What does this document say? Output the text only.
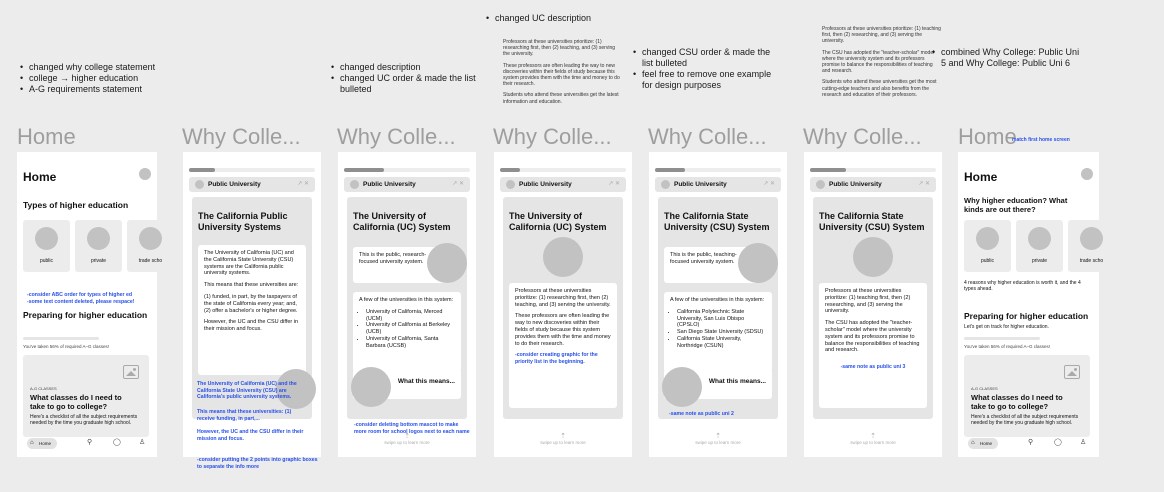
• changed why college statement
• college → higher education
• A-G requirements statement
• changed description
• changed UC order & made the list bulleted
• changed UC description

Professors at these universities prioritize: (1) researching first, then (2) teaching, and (3) serving the university.

These professors are often leading the way to new discoveries within their fields of study because this system provides them with the time and money to do their research.

Students who attend these universities get the latest information and education.

• changed CSU order & made the list bulleted
• feel free to remove one example for design purposes

Professors at these universities prioritize: (1) teaching first, then (2) researching, and (3) serving the university.

The CSU has adopted the "teacher-scholar" model where the university system and its professors promise to balance the responsibilities of teaching and research.

Students who attend these universities get the most cutting-edge teachers and also benefits from the research and education of their professors.

• combined Why College: Public Uni 5 and Why College: Public Uni 6
Home	Why Colle... Why Colle... Why Colle... Why Colle... Why Colle... Home
match first home screen
Home
Types of higher education
public	private	trade scho
-consider ABC order for types of higher ed
-some text content deleted, please respace!
Preparing for higher education
You've taken 56% of required A–G classes!
A-G CLASSES
What classes do I need to take to go to college?
Here's a checklist of all the subject requirements needed by the time you graduate high school.
⌂ Home	⚲	◯	♙
Public University	↗ ✕
The California Public University Systems

The University of California (UC) and the California State University (CSU) systems are the California public university systems.

This means that these universities are:

(1) funded, in part, by the taxpayers of the state of California every year; and, (2) offer a bachelor's or higher degree.

However, the UC and the CSU differ in their mission and focus.

The University of California (UC) and the California State University (CSU) are California's public university systems.
This means that these universities: (1) receive funding, in part,...
However, the UC and the CSU differ in their mission and focus.
-consider putting the 2 points into graphic boxes to separate the info more
Public University	↗ ✕
The University of California (UC) System
This is the public, research-focused university system.

A few of the universities in this system:

• University of California, Merced (UCM)
• University of California at Berkeley (UCB)
• University of California, Santa Barbara (UCSB)
What this means...
-consider deleting bottom mascot to make more room for school logos next to each name
⇡
swipe up to learn more
Public University	↗ ✕
The University of California (UC) System

Professors at these universities prioritize: (1) researching first, then (2) teaching, and (3) serving the university.

These professors are often leading the way to new discoveries within their fields of study because this system provides them with the time and money to do their research.

-consider creating graphic for the priority list in the beginning.
⇡
swipe up to learn more
Public University	↗ ✕
The California State University (CSU) System
This is the public, teaching-focused university system.

A few of the universities in this system:

• California Polytechnic State University, San Luis Obispo (CPSLO)
• San Diego State University (SDSU)
• California State University, Northridge (CSUN)
What this means...
-same note as public uni 2
⇡
swipe up to learn more
Public University	↗ ✕
The California State University (CSU) System

Professors at these universities prioritize: (1) teaching first, then (2) researching, and (3) serving the university.

The CSU has adopted the "teacher-scholar" model where the university system and its professors promise to balance the responsibilities of teaching and research.

-same note as public uni 3
⇡
swipe up to learn more
Home
Why higher education? What kinds are out there?
public	private	trade scho
4 reasons why higher education is worth it, and the 4 types ahead.
Preparing for higher education
Let's get on track for higher education.
You've taken 56% of required A–G classes!
A-G CLASSES
What classes do I need to take to go to college?
Here's a checklist of all the subject requirements needed by the time you graduate high school.
⌂ Home	⚲	◯	♙
